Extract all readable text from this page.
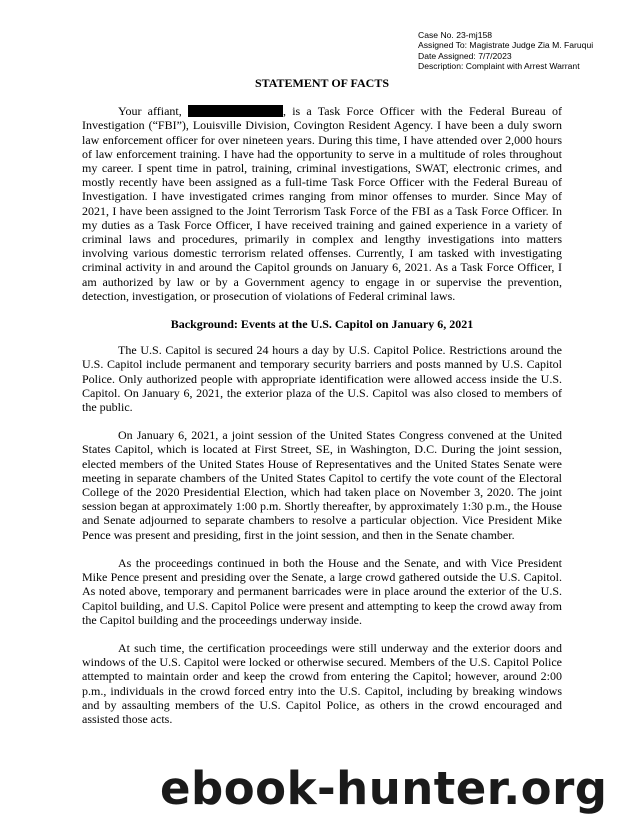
Case No. 23-mj158
Assigned To: Magistrate Judge Zia M. Faruqui
Date Assigned: 7/7/2023
Description: Complaint with Arrest Warrant
STATEMENT OF FACTS

Your affiant,	, is a Task Force Officer with the Federal Bureau of Investigation (“FBI”), Louisville Division, Covington Resident Agency. I have been a duly sworn law enforcement officer for over nineteen years. During this time, I have attended over 2,000 hours of law enforcement training. I have had the opportunity to serve in a multitude of roles throughout my career. I spent time in patrol, training, criminal investigations, SWAT, electronic crimes, and mostly recently have been assigned as a full-time Task Force Officer with the Federal Bureau of Investigation. I have investigated crimes ranging from minor offenses to murder. Since May of 2021, I have been assigned to the Joint Terrorism Task Force of the FBI as a Task Force Officer. In my duties as a Task Force Officer, I have received training and gained experience in a variety of criminal laws and procedures, primarily in complex and lengthy investigations into matters involving various domestic terrorism related offenses. Currently, I am tasked with investigating criminal activity in and around the Capitol grounds on January 6, 2021. As a Task Force Officer, I am authorized by law or by a Government agency to engage in or supervise the prevention, detection, investigation, or prosecution of violations of Federal criminal laws.

Background: Events at the U.S. Capitol on January 6, 2021

The U.S. Capitol is secured 24 hours a day by U.S. Capitol Police. Restrictions around the U.S. Capitol include permanent and temporary security barriers and posts manned by U.S. Capitol Police. Only authorized people with appropriate identification were allowed access inside the U.S. Capitol. On January 6, 2021, the exterior plaza of the U.S. Capitol was also closed to members of the public.

On January 6, 2021, a joint session of the United States Congress convened at the United States Capitol, which is located at First Street, SE, in Washington, D.C. During the joint session, elected members of the United States House of Representatives and the United States Senate were meeting in separate chambers of the United States Capitol to certify the vote count of the Electoral College of the 2020 Presidential Election, which had taken place on November 3, 2020. The joint session began at approximately 1:00 p.m. Shortly thereafter, by approximately 1:30 p.m., the House and Senate adjourned to separate chambers to resolve a particular objection. Vice President Mike Pence was present and presiding, first in the joint session, and then in the Senate chamber.

As the proceedings continued in both the House and the Senate, and with Vice President Mike Pence present and presiding over the Senate, a large crowd gathered outside the U.S. Capitol. As noted above, temporary and permanent barricades were in place around the exterior of the U.S. Capitol building, and U.S. Capitol Police were present and attempting to keep the crowd away from the Capitol building and the proceedings underway inside.

At such time, the certification proceedings were still underway and the exterior doors and windows of the U.S. Capitol were locked or otherwise secured. Members of the U.S. Capitol Police attempted to maintain order and keep the crowd from entering the Capitol; however, around 2:00 p.m., individuals in the crowd forced entry into the U.S. Capitol, including by breaking windows and by assaulting members of the U.S. Capitol Police, as others in the crowd encouraged and assisted those acts.

ebook-hunter.org
